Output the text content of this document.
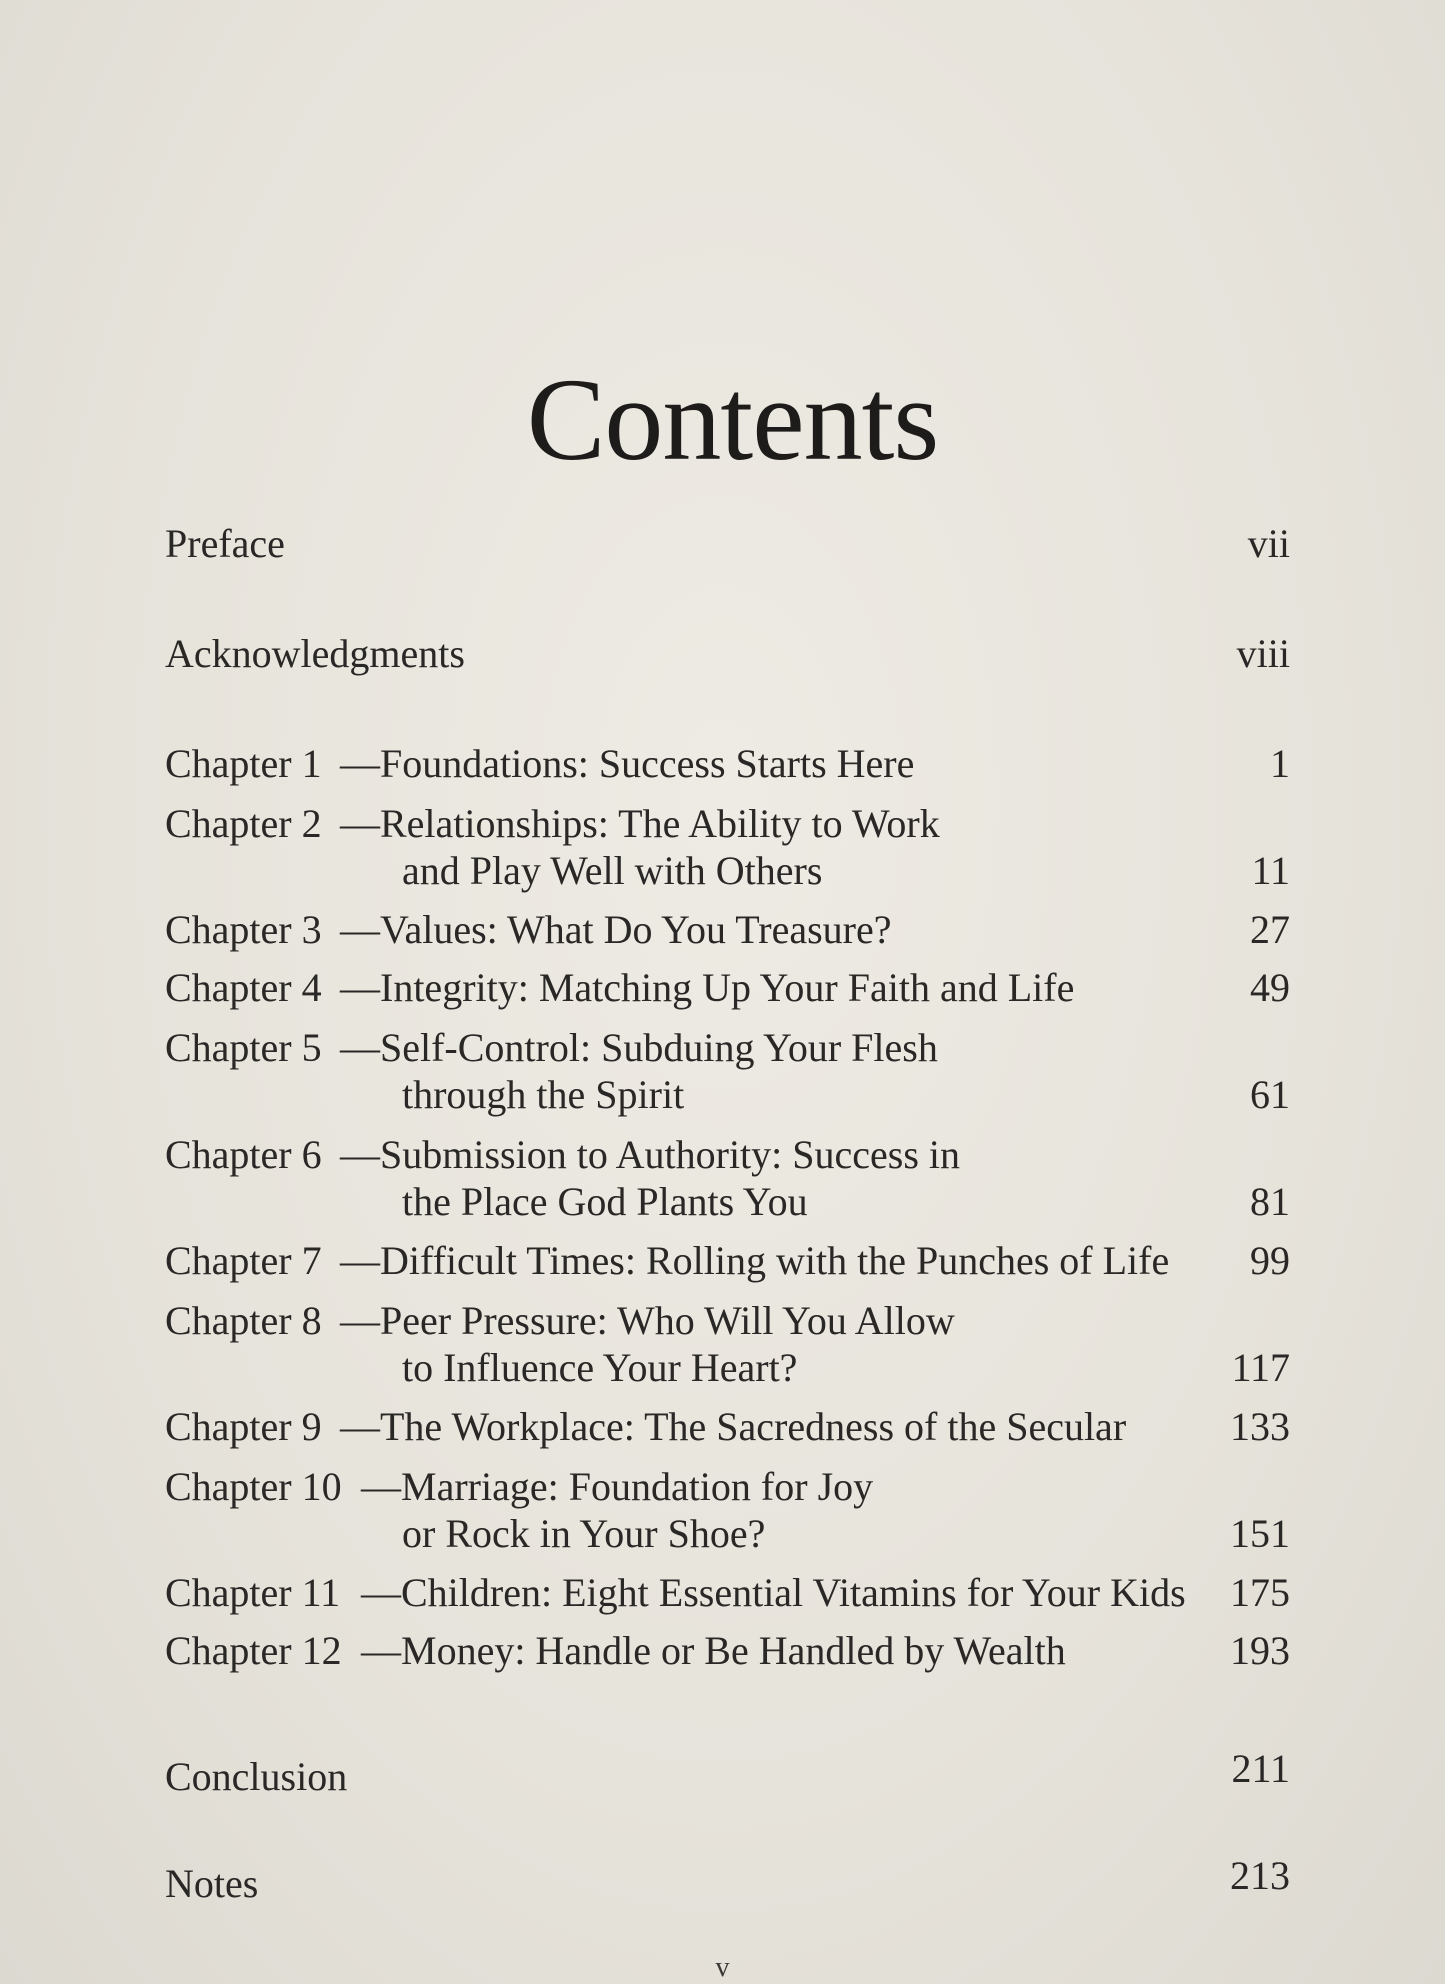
Contents
Preface	vii
Acknowledgments	viii
Chapter 1 —Foundations: Success Starts Here	1
Chapter 2 —Relationships: The Ability to Work
and Play Well with Others	11
Chapter 3 —Values: What Do You Treasure?	27
Chapter 4 —Integrity: Matching Up Your Faith and Life	49
Chapter 5 —Self-Control: Subduing Your Flesh
through the Spirit	61
Chapter 6 —Submission to Authority: Success in
the Place God Plants You	81
Chapter 7 —Difficult Times: Rolling with the Punches of Life 99
Chapter 8 —Peer Pressure: Who Will You Allow
to Influence Your Heart?	117
Chapter 9 —The Workplace: The Sacredness of the Secular	133
Chapter 10 —Marriage: Foundation for Joy
or Rock in Your Shoe?	151
Chapter 11 —Children: Eight Essential Vitamins for Your Kids 175
Chapter 12 —Money: Handle or Be Handled by Wealth	193
Conclusion	211
Notes	213
v
